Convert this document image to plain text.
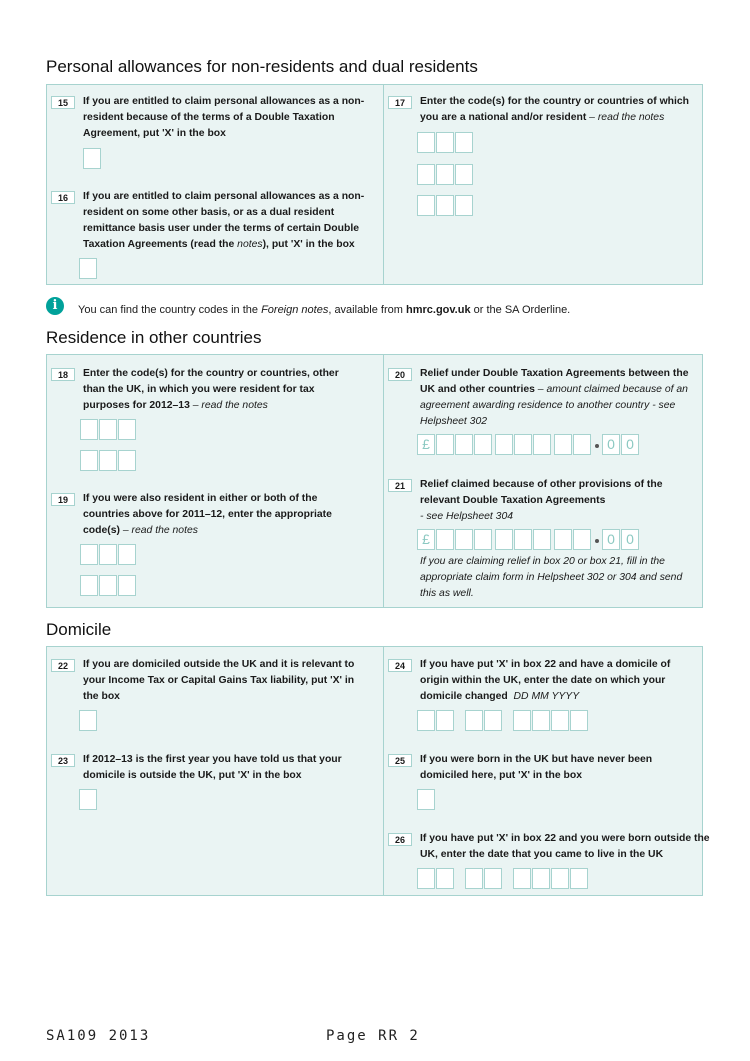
Personal allowances for non-residents and dual residents
15	If you are entitled to claim personal allowances as a non-resident because of the terms of a Double Taxation Agreement, put 'X' in the box
16	If you are entitled to claim personal allowances as a non-resident on some other basis, or as a dual resident remittance basis user under the terms of certain Double Taxation Agreements (read the notes), put 'X' in the box
17	Enter the code(s) for the country or countries of which you are a national and/or resident – read the notes
i	You can find the country codes in the Foreign notes, available from hmrc.gov.uk or the SA Orderline.
Residence in other countries
18	Enter the code(s) for the country or countries, other than the UK, in which you were resident for tax purposes for 2012–13 – read the notes
19	If you were also resident in either or both of the countries above for 2011–12, enter the appropriate code(s) – read the notes
20	Relief under Double Taxation Agreements between the UK and other countries – amount claimed because of an agreement awarding residence to another country - see Helpsheet 302
£	0 0
21	Relief claimed because of other provisions of the relevant Double Taxation Agreements
- see Helpsheet 304
£	0 0
If you are claiming relief in box 20 or box 21, fill in the appropriate claim form in Helpsheet 302 or 304 and send this as well.
Domicile
22	If you are domiciled outside the UK and it is relevant to your Income Tax or Capital Gains Tax liability, put 'X' in the box
23	If 2012–13 is the first year you have told us that your domicile is outside the UK, put 'X' in the box
24	If you have put 'X' in box 22 and have a domicile of origin within the UK, enter the date on which your domicile changed DD MM YYYY
25	If you were born in the UK but have never been domiciled here, put 'X' in the box
26	If you have put 'X' in box 22 and you were born outside the UK, enter the date that you came to live in the UK
SA109 2013	Page RR 2
